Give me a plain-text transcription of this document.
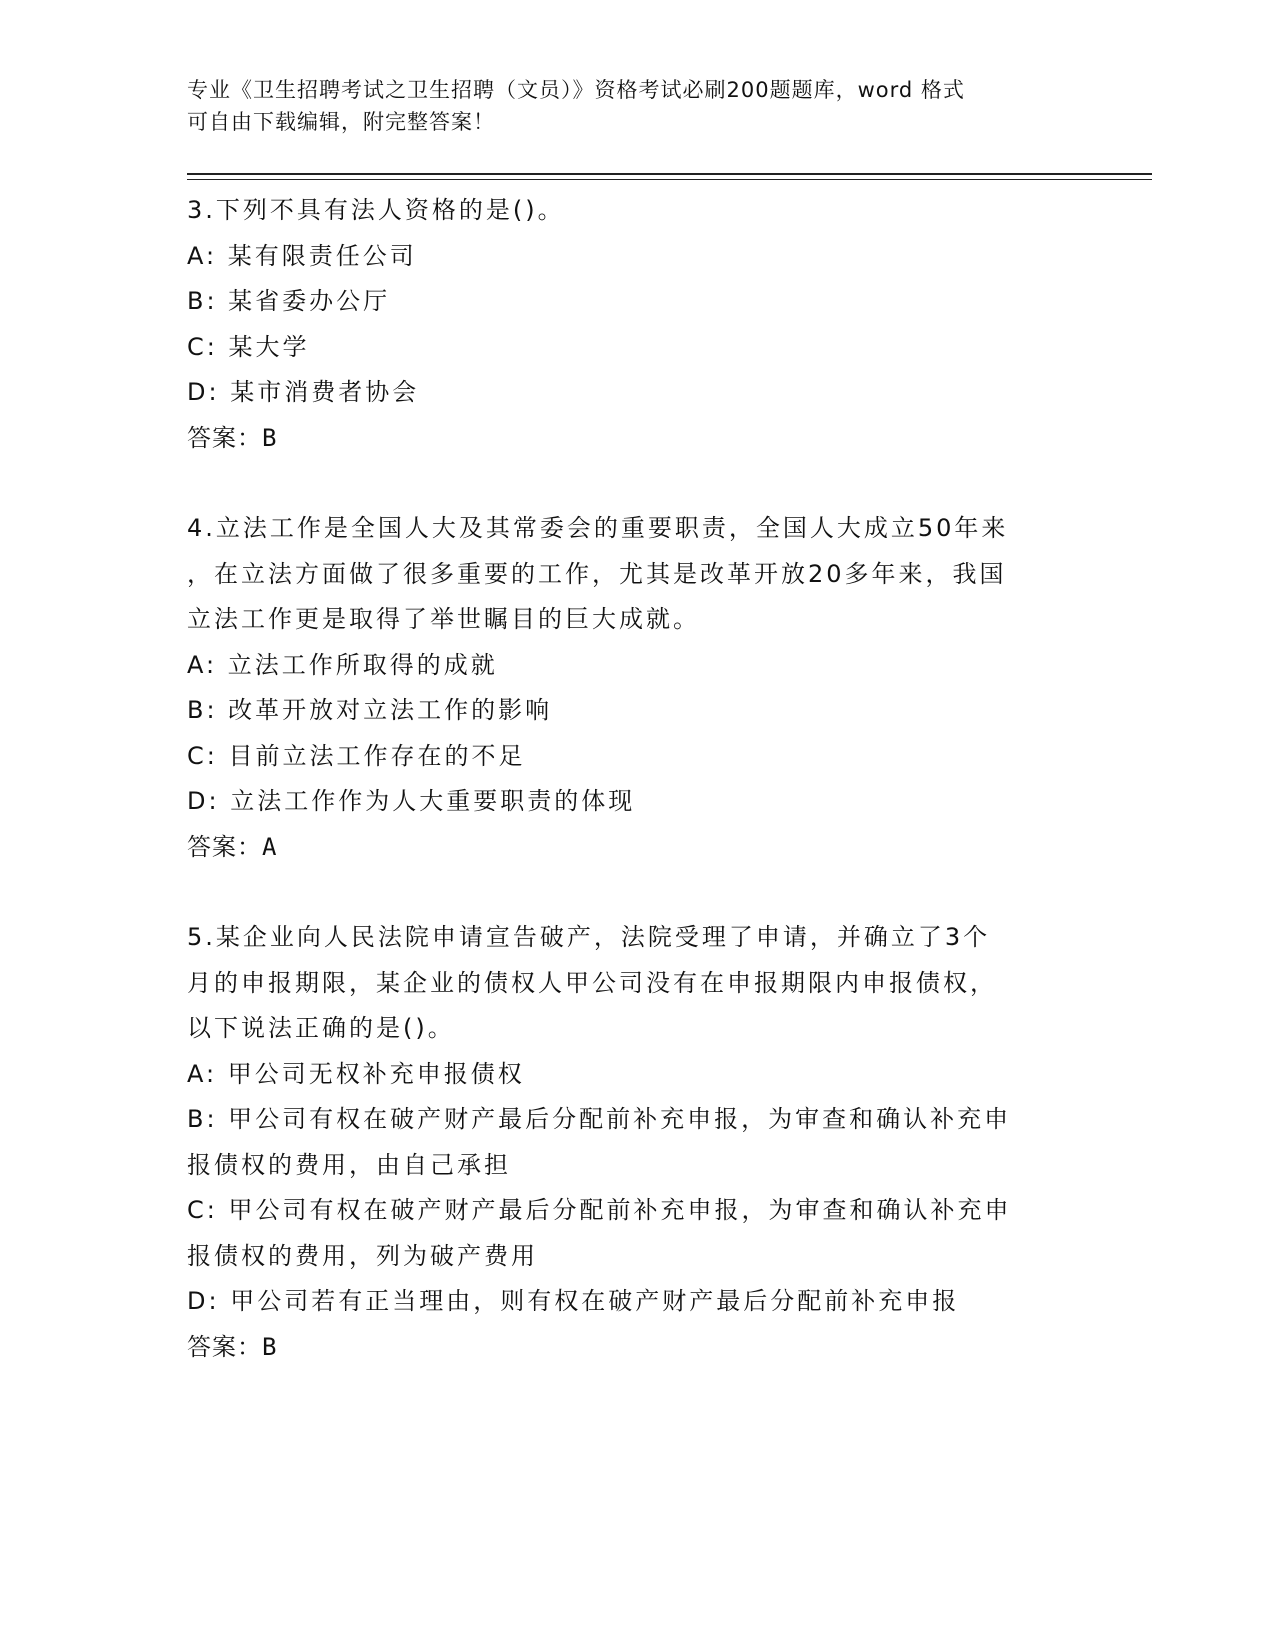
专业《卫生招聘考试之卫生招聘（文员）》资格考试必刷200题题库，word 格式
可自由下载编辑，附完整答案！
3.下列不具有法人资格的是()。
A: 某有限责任公司
B: 某省委办公厅
C: 某大学
D: 某市消费者协会
答案：B
4.立法工作是全国人大及其常委会的重要职责，全国人大成立50年来
，在立法方面做了很多重要的工作，尤其是改革开放20多年来，我国
立法工作更是取得了举世瞩目的巨大成就。
A: 立法工作所取得的成就
B: 改革开放对立法工作的影响
C: 目前立法工作存在的不足
D: 立法工作作为人大重要职责的体现
答案：A
5.某企业向人民法院申请宣告破产，法院受理了申请，并确立了3个
月的申报期限，某企业的债权人甲公司没有在申报期限内申报债权，
以下说法正确的是()。
A: 甲公司无权补充申报债权
B: 甲公司有权在破产财产最后分配前补充申报，为审查和确认补充申
报债权的费用，由自己承担
C: 甲公司有权在破产财产最后分配前补充申报，为审查和确认补充申
报债权的费用，列为破产费用
D: 甲公司若有正当理由，则有权在破产财产最后分配前补充申报
答案：B
